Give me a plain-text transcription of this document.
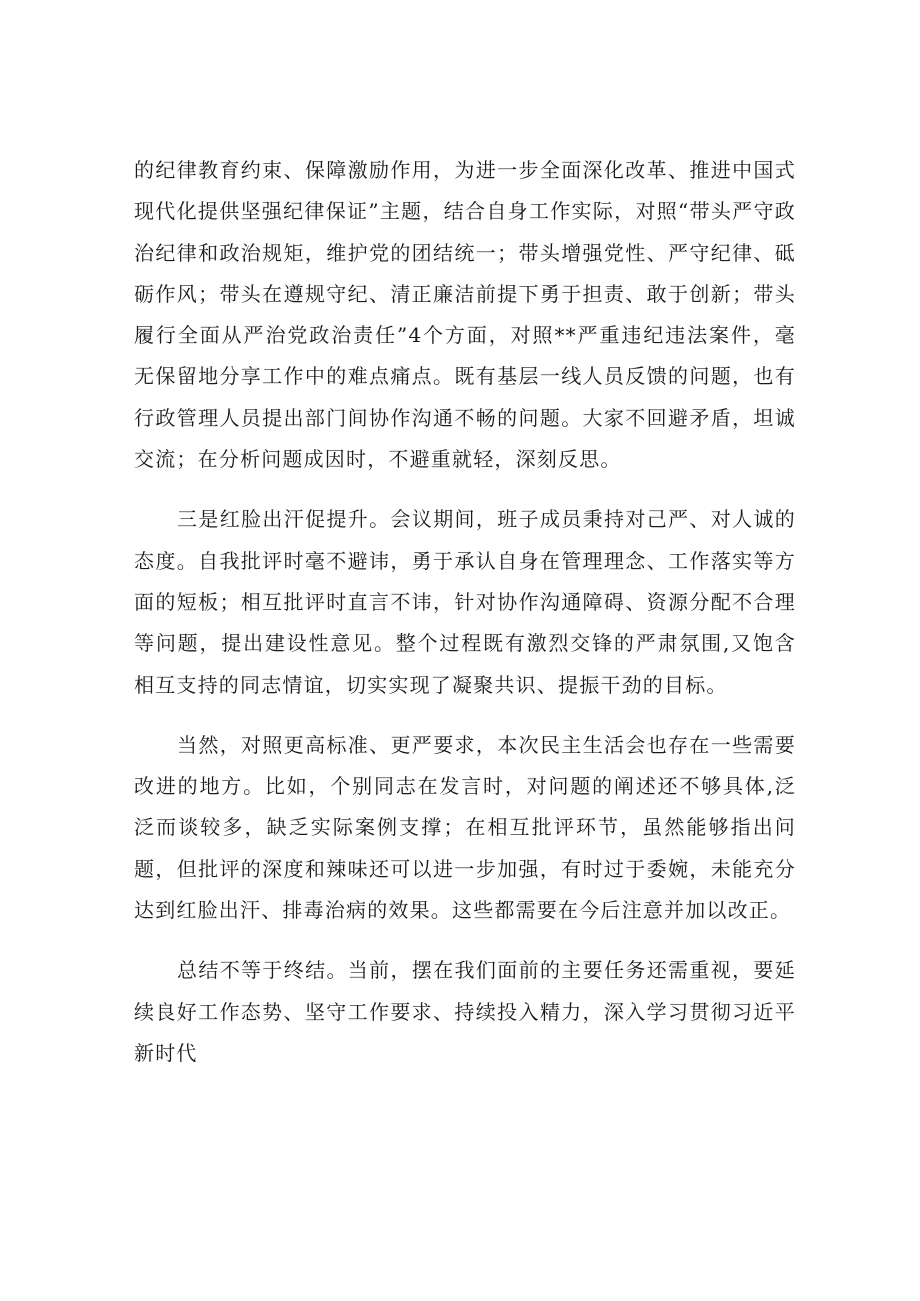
的纪律教育约束、保障激励作用，为进一步全面深化改革、推进中国式现代化提供坚强纪律保证”主题，结合自身工作实际，对照“带头严守政治纪律和政治规矩，维护党的团结统一；带头增强党性、严守纪律、砥砺作风；带头在遵规守纪、清正廉洁前提下勇于担责、敢于创新；带头履行全面从严治党政治责任”4个方面，对照**严重违纪违法案件，毫无保留地分享工作中的难点痛点。既有基层一线人员反馈的问题，也有行政管理人员提出部门间协作沟通不畅的问题。大家不回避矛盾，坦诚交流；在分析问题成因时，不避重就轻，深刻反思。

三是红脸出汗促提升。会议期间，班子成员秉持对己严、对人诚的态度。自我批评时毫不避讳，勇于承认自身在管理理念、工作落实等方面的短板；相互批评时直言不讳，针对协作沟通障碍、资源分配不合理等问题，提出建设性意见。整个过程既有激烈交锋的严肃氛围,又饱含相互支持的同志情谊，切实实现了凝聚共识、提振干劲的目标。

当然，对照更高标准、更严要求，本次民主生活会也存在一些需要改进的地方。比如，个别同志在发言时，对问题的阐述还不够具体,泛泛而谈较多，缺乏实际案例支撑；在相互批评环节，虽然能够指出问题，但批评的深度和辣味还可以进一步加强，有时过于委婉，未能充分达到红脸出汗、排毒治病的效果。这些都需要在今后注意并加以改正。

总结不等于终结。当前，摆在我们面前的主要任务还需重视，要延续良好工作态势、坚守工作要求、持续投入精力，深入学习贯彻习近平新时代
